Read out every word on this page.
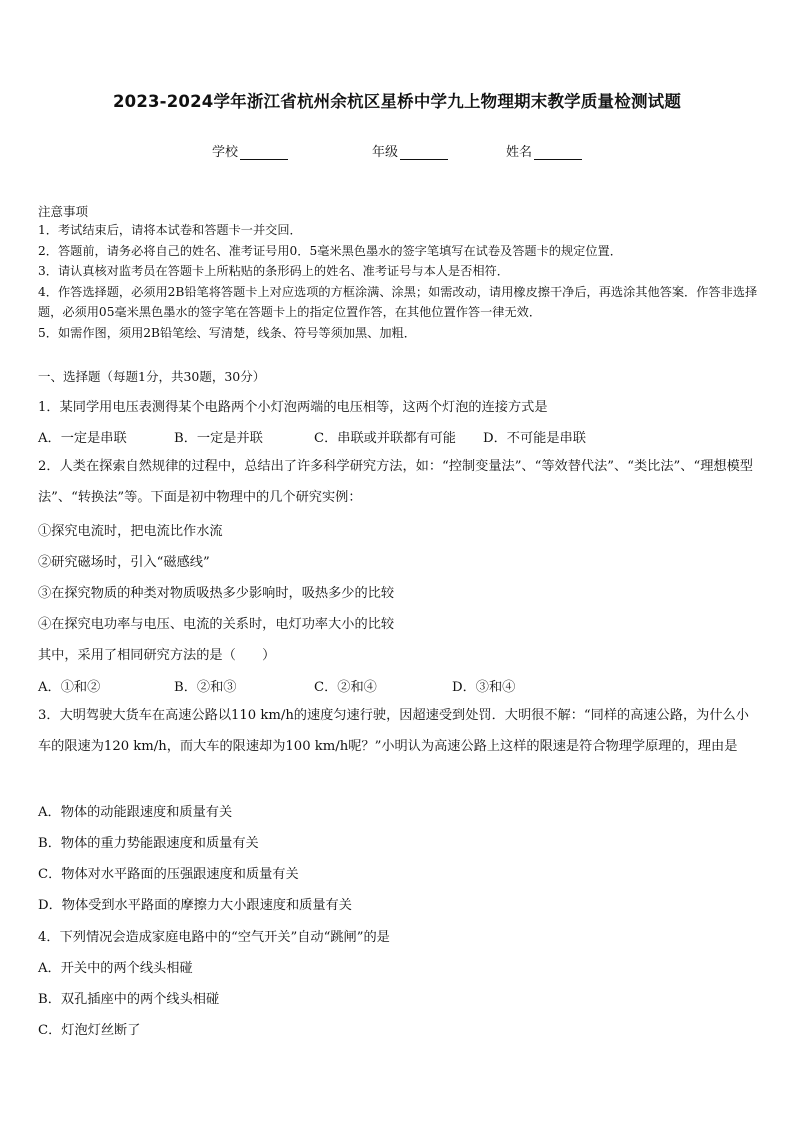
2023-2024学年浙江省杭州余杭区星桥中学九上物理期末教学质量检测试题
学校	年级	姓名
注意事项
1．考试结束后，请将本试卷和答题卡一并交回．
2．答题前，请务必将自己的姓名、准考证号用0．5毫米黑色墨水的签字笔填写在试卷及答题卡的规定位置．
3．请认真核对监考员在答题卡上所粘贴的条形码上的姓名、准考证号与本人是否相符．
4．作答选择题，必须用2B铅笔将答题卡上对应选项的方框涂满、涂黑；如需改动，请用橡皮擦干净后，再选涂其他答案．作答非选择题，必须用05毫米黑色墨水的签字笔在答题卡上的指定位置作答，在其他位置作答一律无效．
5．如需作图，须用2B铅笔绘、写清楚，线条、符号等须加黑、加粗．
一、选择题（每题1分，共30题，30分）
1．某同学用电压表测得某个电路两个小灯泡两端的电压相等，这两个灯泡的连接方式是
A．一定是串联	B．一定是并联	C．串联或并联都有可能 D．不可能是串联
2．人类在探索自然规律的过程中，总结出了许多科学研究方法，如：“控制变量法”、“等效替代法”、“类比法”、“理想模型法”、“转换法”等。下面是初中物理中的几个研究实例：
①探究电流时，把电流比作水流
②研究磁场时，引入“磁感线”
③在探究物质的种类对物质吸热多少影响时，吸热多少的比较
④在探究电功率与电压、电流的关系时，电灯功率大小的比较
其中，采用了相同研究方法的是（　　）
A．①和②	B．②和③	C．②和④	D．③和④
3．大明驾驶大货车在高速公路以110 km/h的速度匀速行驶，因超速受到处罚．大明很不解：“同样的高速公路，为什么小车的限速为120 km/h，而大车的限速却为100 km/h呢？”小明认为高速公路上这样的限速是符合物理学原理的，理由是
A．物体的动能跟速度和质量有关
B．物体的重力势能跟速度和质量有关
C．物体对水平路面的压强跟速度和质量有关
D．物体受到水平路面的摩擦力大小跟速度和质量有关
4．下列情况会造成家庭电路中的“空气开关”自动“跳闸”的是
A．开关中的两个线头相碰
B．双孔插座中的两个线头相碰
C．灯泡灯丝断了
